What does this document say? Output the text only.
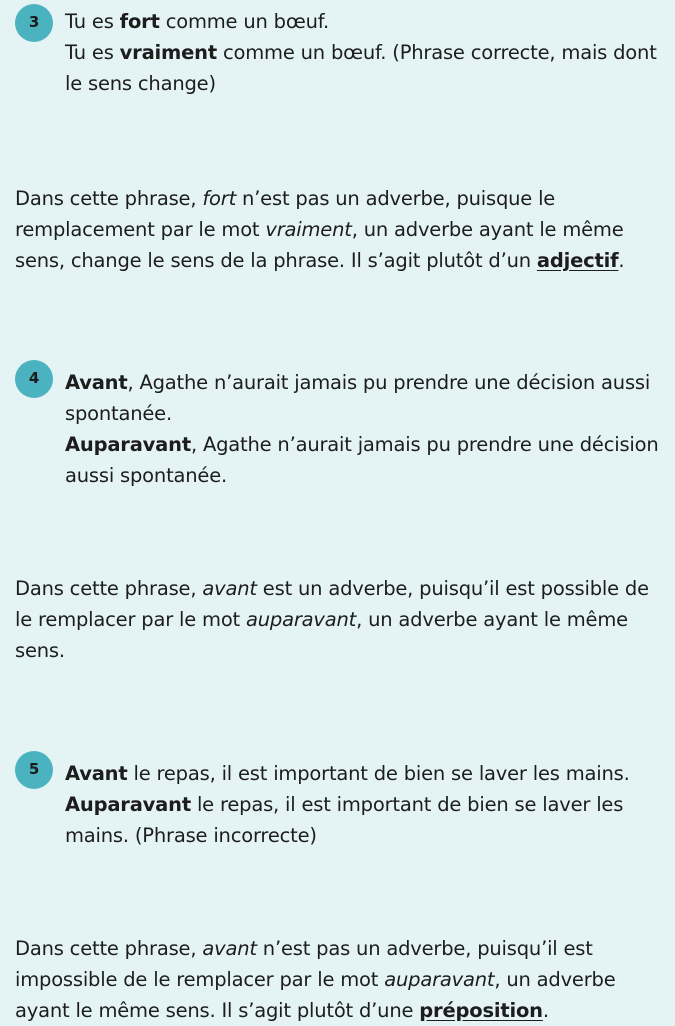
3	Tu es fort comme un bœuf.

Tu es vraiment comme un bœuf. (Phrase correcte, mais dont le sens change)

Dans cette phrase, fort n’est pas un adverbe, puisque le remplacement par le mot vraiment, un adverbe ayant le même sens, change le sens de la phrase. Il s’agit plutôt d’un adjectif.

4	Avant, Agathe n’aurait jamais pu prendre une décision aussi spontanée.

Auparavant, Agathe n’aurait jamais pu prendre une décision aussi spontanée.

Dans cette phrase, avant est un adverbe, puisqu’il est possible de le remplacer par le mot auparavant, un adverbe ayant le même sens.

5	Avant le repas, il est important de bien se laver les mains.

Auparavant le repas, il est important de bien se laver les mains. (Phrase incorrecte)

Dans cette phrase, avant n’est pas un adverbe, puisqu’il est impossible de le remplacer par le mot auparavant, un adverbe ayant le même sens. Il s’agit plutôt d’une préposition.
